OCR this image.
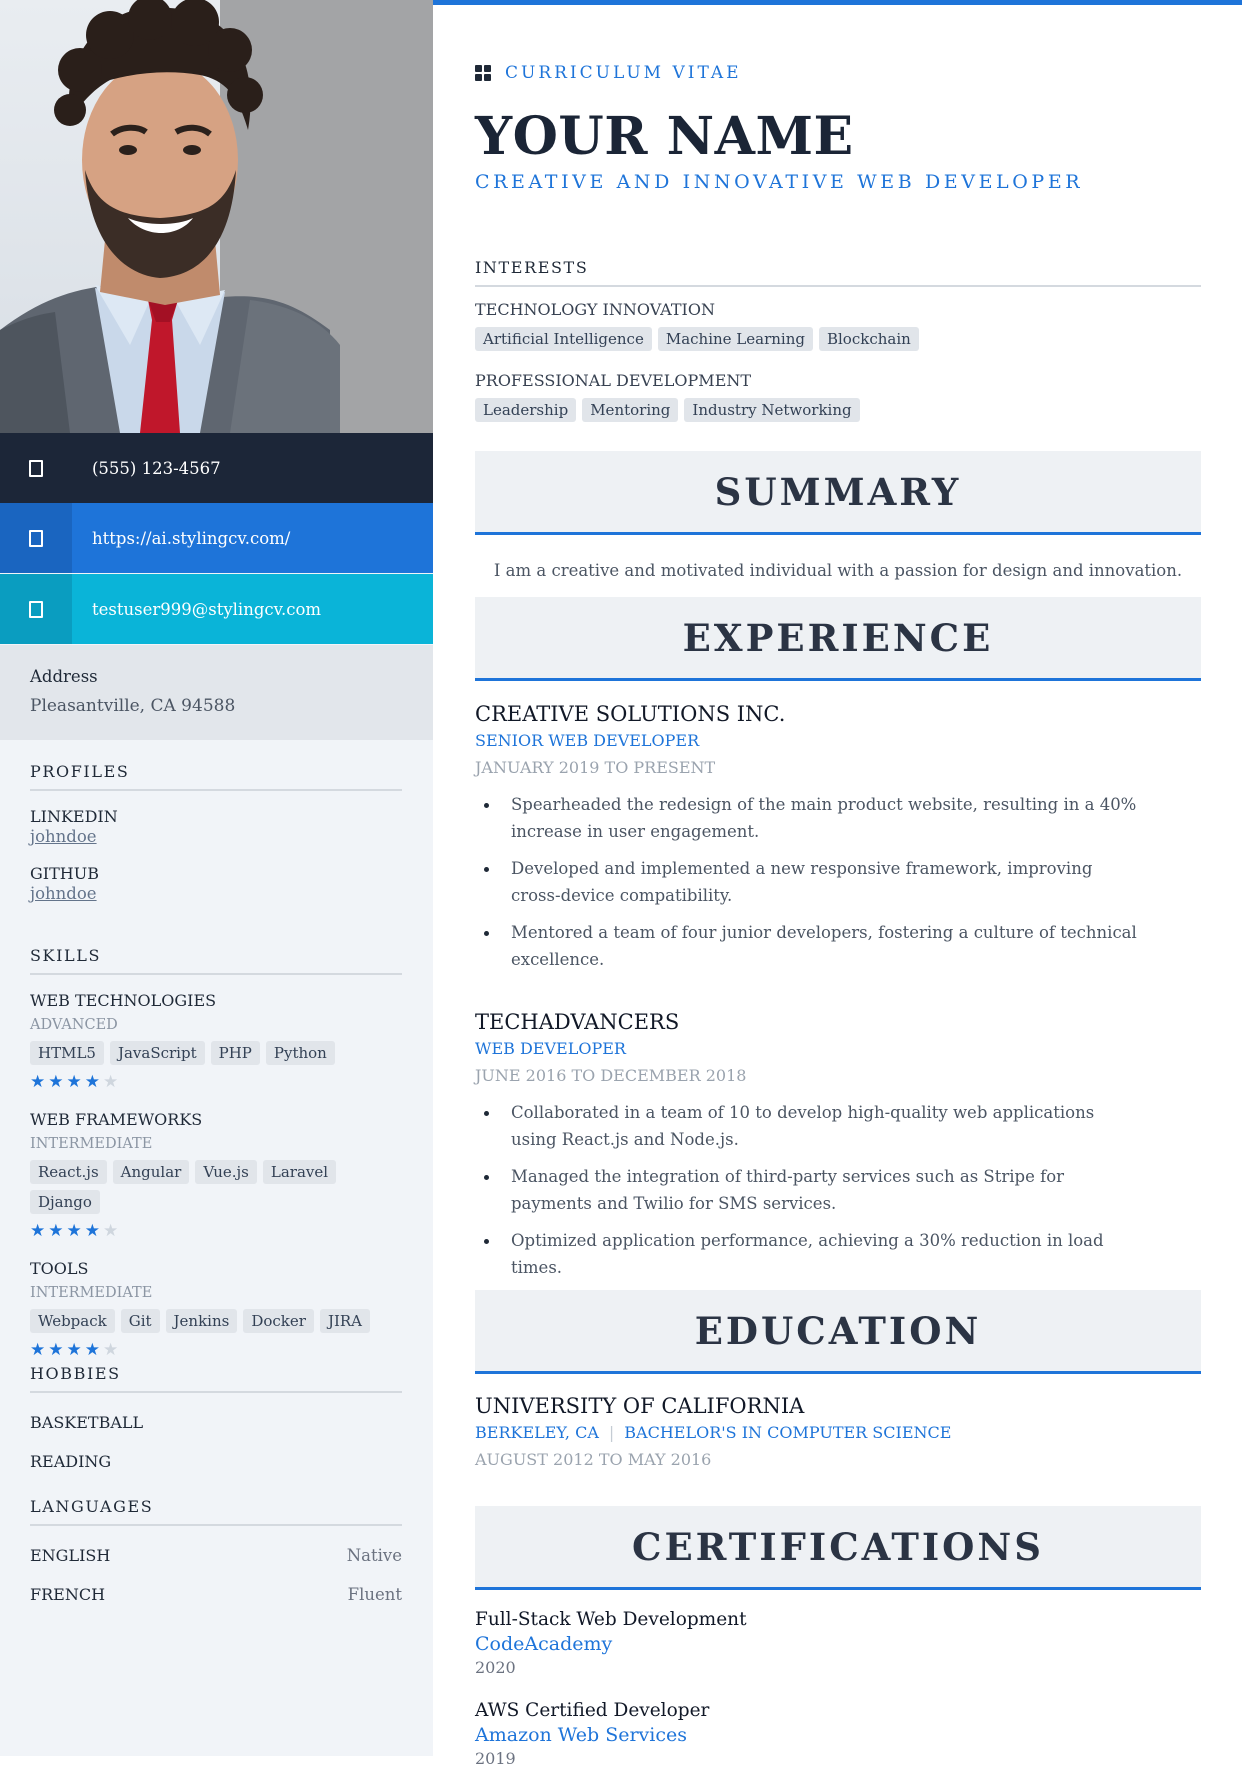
(555) 123-4567
https://ai.stylingcv.com/
testuser999@stylingcv.com
Address
Pleasantville, CA 94588
PROFILES
LINKEDIN
johndoe
GITHUB
johndoe
SKILLS
WEB TECHNOLOGIES
ADVANCED
HTML5	JavaScript	PHP	Python
★★★★★
WEB FRAMEWORKS
INTERMEDIATE
React.js	Angular	Vue.js	Laravel
Django
★★★★★
TOOLS
INTERMEDIATE
Webpack	Git	Jenkins	Docker	JIRA
★★★★★
HOBBIES
BASKETBALL
READING
LANGUAGES
ENGLISH	Native
FRENCH	Fluent
CURRICULUM VITAE
YOUR NAME
CREATIVE AND INNOVATIVE WEB DEVELOPER
INTERESTS
TECHNOLOGY INNOVATION
Artificial Intelligence	Machine Learning	Blockchain
PROFESSIONAL DEVELOPMENT
Leadership	Mentoring	Industry Networking
SUMMARY

I am a creative and motivated individual with a passion for design and innovation.

EXPERIENCE
CREATIVE SOLUTIONS INC.
SENIOR WEB DEVELOPER
JANUARY 2019 TO PRESENT
Spearheaded the redesign of the main product website, resulting in a 40% increase in user engagement.
Developed and implemented a new responsive framework, improving cross-device compatibility.
Mentored a team of four junior developers, fostering a culture of technical excellence.
TECHADVANCERS
WEB DEVELOPER
JUNE 2016 TO DECEMBER 2018
Collaborated in a team of 10 to develop high-quality web applications using React.js and Node.js.
Managed the integration of third-party services such as Stripe for payments and Twilio for SMS services.
Optimized application performance, achieving a 30% reduction in load times.
EDUCATION
UNIVERSITY OF CALIFORNIA
BERKELEY, CA | BACHELOR'S IN COMPUTER SCIENCE
AUGUST 2012 TO MAY 2016
CERTIFICATIONS
Full-Stack Web Development
CodeAcademy
2020
AWS Certified Developer
Amazon Web Services
2019
